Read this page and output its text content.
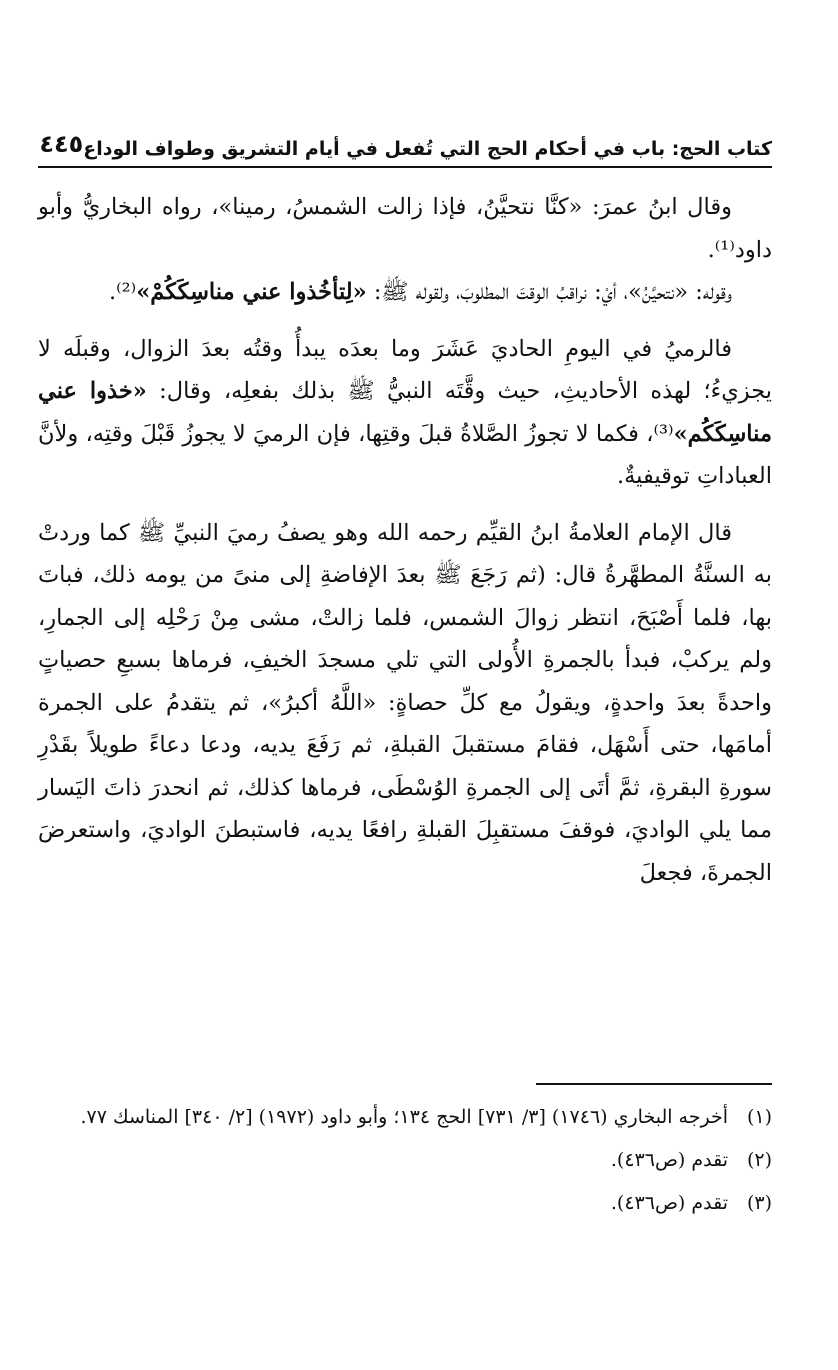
كتاب الحج: باب في أحكام الحج التي تُفعل في أيام التشريق وطواف الوداع
٤٤٥

وقال ابنُ عمرَ: «كنَّا نتحيَّنُ، فإذا زالت الشمسُ، رمينا»، رواه البخاريُّ وأبو داود⁽¹⁾.

وقوله: «نتحيَّنُ»، أيْ: نراقبُ الوقتَ المطلوبَ، ولقوله ﷺ: «لِتأخُذوا عني مناسِكَكُمْ»⁽²⁾.

فالرميُ في اليومِ الحاديَ عَشَرَ وما بعدَه يبدأُ وقتُه بعدَ الزوال، وقبلَه لا يجزيءُ؛ لهذه الأحاديثِ، حيث وقَّتَه النبيُّ ﷺ بذلك بفعلِه، وقال: «خذوا عني مناسِكَكُم»⁽³⁾، فكما لا تجوزُ الصَّلاةُ قبلَ وقتِها، فإن الرميَ لا يجوزُ قَبْلَ وقتِه، ولأنَّ العباداتِ توقيفيةٌ.

قال الإمام العلامةُ ابنُ القيِّم رحمه الله وهو يصفُ رميَ النبيِّ ﷺ كما وردتْ به السنَّةُ المطهَّرةُ قال: (ثم رَجَعَ ﷺ بعدَ الإفاضةِ إلى منىً من يومه ذلك، فباتَ بها، فلما أَصْبَحَ، انتظر زوالَ الشمس، فلما زالتْ، مشى مِنْ رَحْلِه إلى الجمارِ، ولم يركبْ، فبدأ بالجمرةِ الأُولى التي تلي مسجدَ الخيفِ، فرماها بسبعِ حصياتٍ واحدةً بعدَ واحدةٍ، ويقولُ مع كلِّ حصاةٍ: «اللَّهُ أكبرُ»، ثم يتقدمُ على الجمرة أمامَها، حتى أَسْهَل، فقامَ مستقبلَ القبلةِ، ثم رَفَعَ يديه، ودعا دعاءً طويلاً بقَدْرِ سورةِ البقرةِ، ثمَّ أتَى إلى الجمرةِ الوُسْطَى، فرماها كذلك، ثم انحدرَ ذاتَ اليَسار مما يلي الواديَ، فوقفَ مستقبِلَ القبلةِ رافعًا يديه، فاستبطنَ الواديَ، واستعرضَ الجمرةَ، فجعلَ

(١)
أخرجه البخاري (١٧٤٦) [٣/ ٧٣١] الحج ١٣٤؛ وأبو داود (١٩٧٢) [٢/ ٣٤٠] المناسك ٧٧.
(٢)
تقدم (ص٤٣٦).
(٣)
تقدم (ص٤٣٦).
